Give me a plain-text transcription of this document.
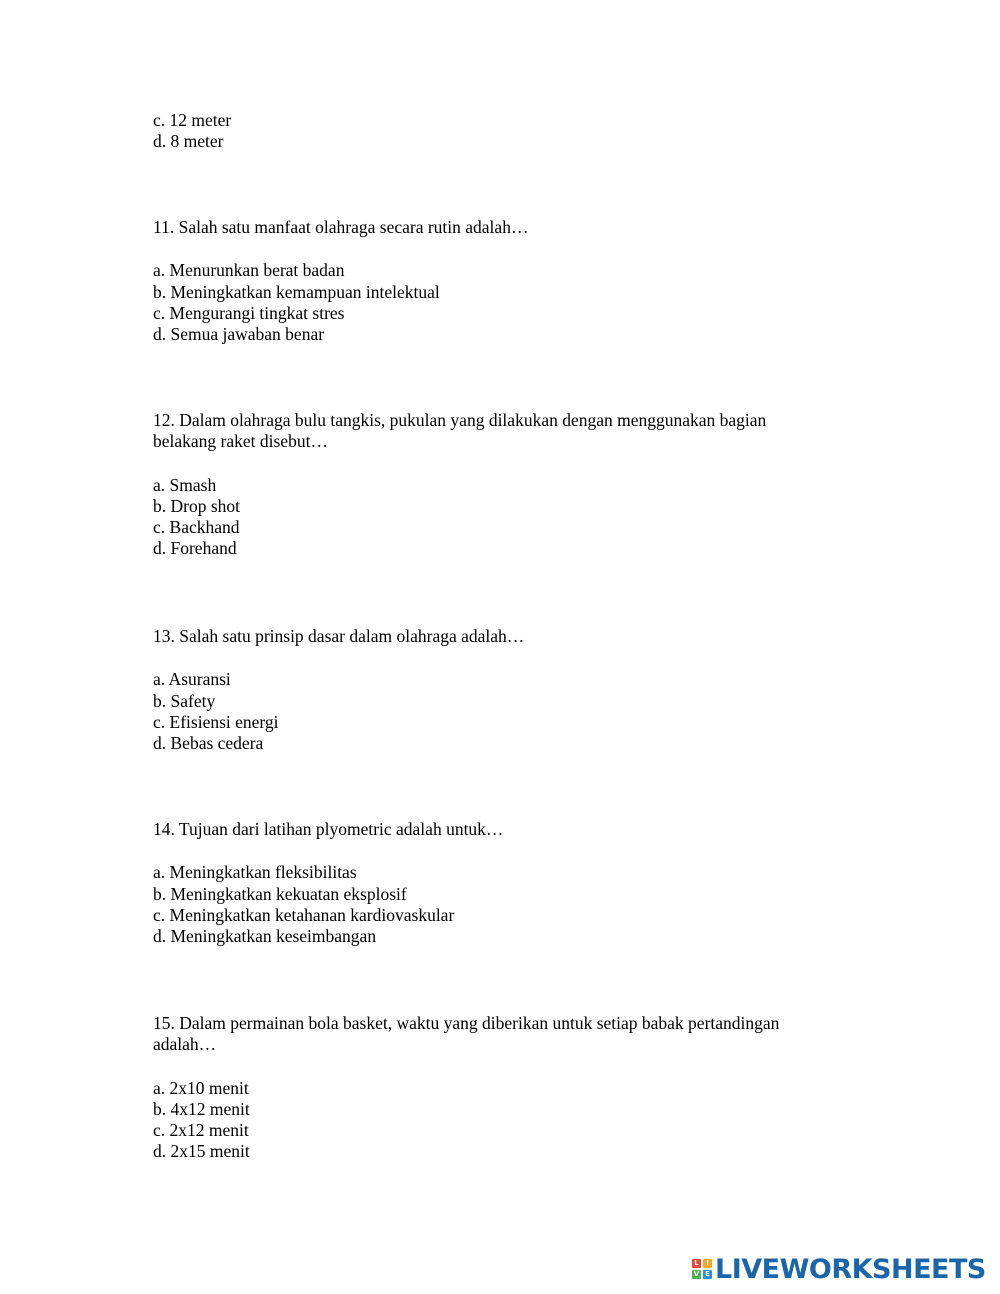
c. 12 meter
d. 8 meter
11. Salah satu manfaat olahraga secara rutin adalah…
a. Menurunkan berat badan
b. Meningkatkan kemampuan intelektual
c. Mengurangi tingkat stres
d. Semua jawaban benar
12. Dalam olahraga bulu tangkis, pukulan yang dilakukan dengan menggunakan bagian belakang raket disebut…
a. Smash
b. Drop shot
c. Backhand
d. Forehand
13. Salah satu prinsip dasar dalam olahraga adalah…
a. Asuransi
b. Safety
c. Efisiensi energi
d. Bebas cedera
14. Tujuan dari latihan plyometric adalah untuk…
a. Meningkatkan fleksibilitas
b. Meningkatkan kekuatan eksplosif
c. Meningkatkan ketahanan kardiovaskular
d. Meningkatkan keseimbangan
15. Dalam permainan bola basket, waktu yang diberikan untuk setiap babak pertandingan adalah…
a. 2x10 menit
b. 4x12 menit
c. 2x12 menit
d. 2x15 menit
L	I
V E LIVEWORKSHEETS
